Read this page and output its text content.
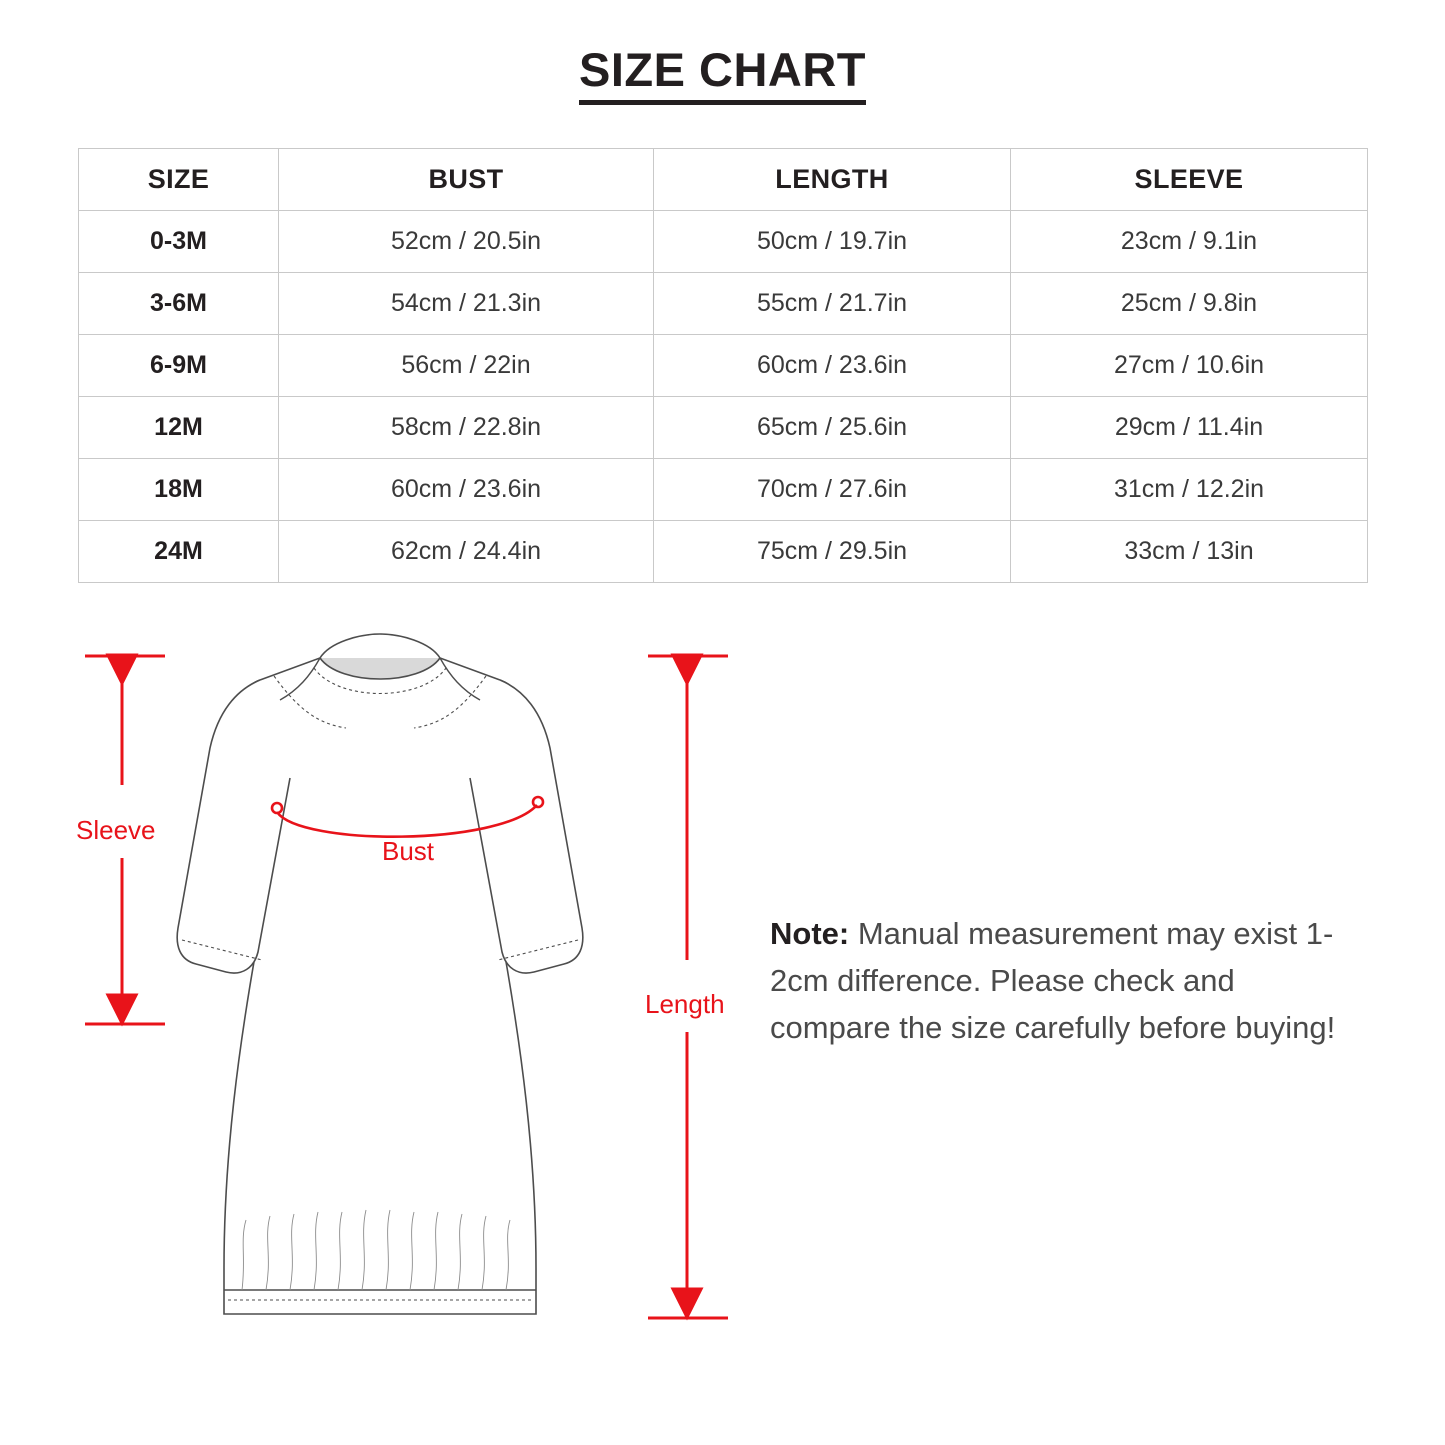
SIZE CHART
SIZE	BUST	LENGTH	SLEEVE
0-3M	52cm / 20.5in	50cm / 19.7in	23cm / 9.1in
3-6M	54cm / 21.3in	55cm / 21.7in	25cm / 9.8in
6-9M	56cm / 22in	60cm / 23.6in	27cm / 10.6in
12M	58cm / 22.8in	65cm / 25.6in	29cm / 11.4in
18M	60cm / 23.6in	70cm / 27.6in	31cm / 12.2in
24M	62cm / 24.4in	75cm / 29.5in	33cm / 13in
Sleeve
Length
Bust
Note: Manual measurement may exist 1-2cm difference. Please check and compare the size carefully before buying!
